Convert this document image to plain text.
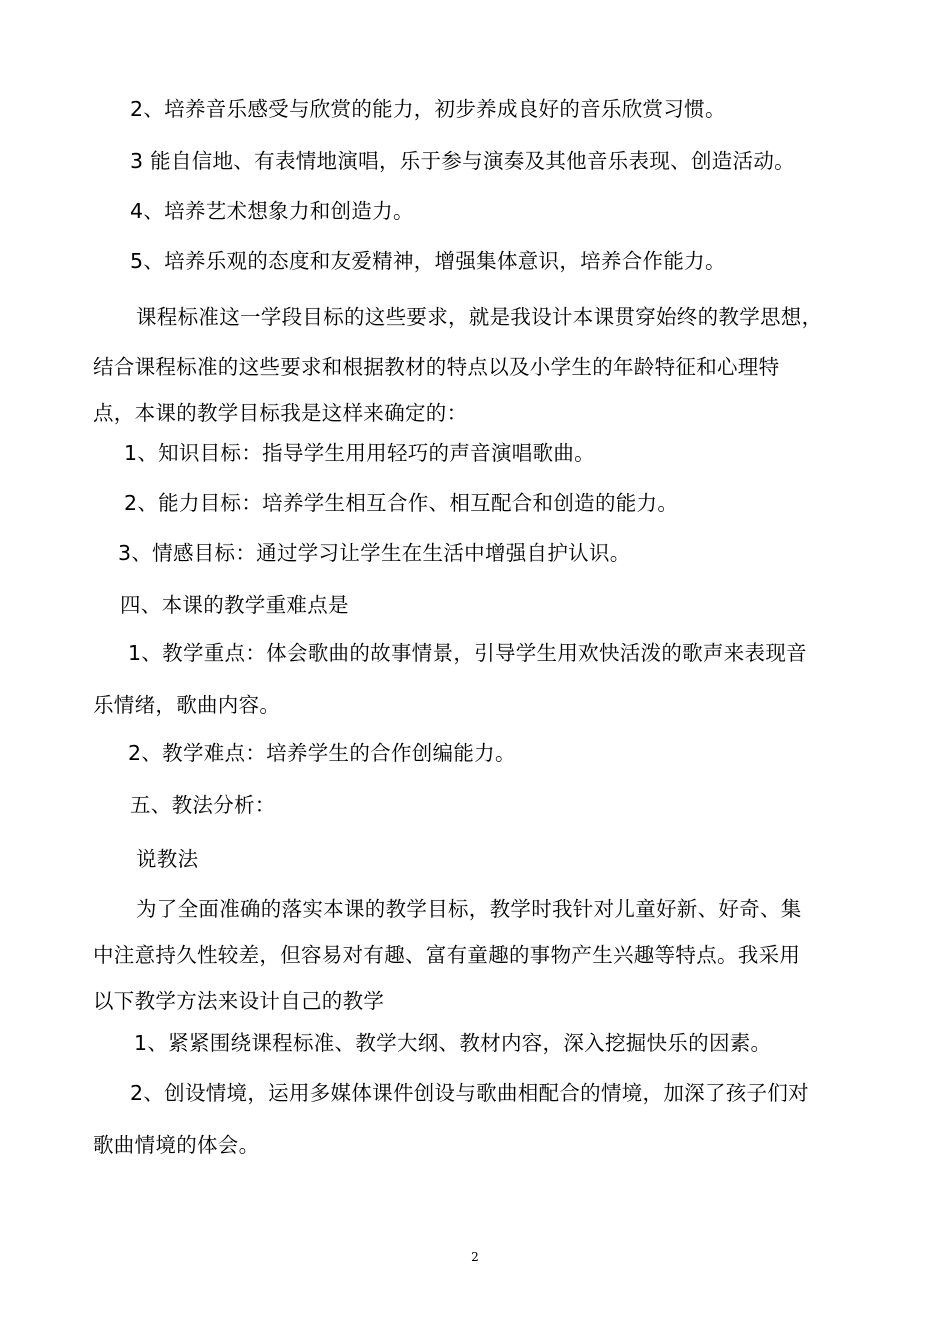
2、培养音乐感受与欣赏的能力，初步养成良好的音乐欣赏习惯。
3 能自信地、有表情地演唱，乐于参与演奏及其他音乐表现、创造活动。
4、培养艺术想象力和创造力。
5、培养乐观的态度和友爱精神，增强集体意识，培养合作能力。
课程标准这一学段目标的这些要求，就是我设计本课贯穿始终的教学思想，
结合课程标准的这些要求和根据教材的特点以及小学生的年龄特征和心理特
点，本课的教学目标我是这样来确定的：
1、知识目标：指导学生用用轻巧的声音演唱歌曲。
2、能力目标：培养学生相互合作、相互配合和创造的能力。
3、情感目标：通过学习让学生在生活中增强自护认识。
四、本课的教学重难点是
1、教学重点：体会歌曲的故事情景，引导学生用欢快活泼的歌声来表现音
乐情绪，歌曲内容。
2、教学难点：培养学生的合作创编能力。
五、教法分析：
说教法
为了全面准确的落实本课的教学目标，教学时我针对儿童好新、好奇、集
中注意持久性较差，但容易对有趣、富有童趣的事物产生兴趣等特点。我采用
以下教学方法来设计自己的教学
1、紧紧围绕课程标准、教学大纲、教材内容，深入挖掘快乐的因素。
2、创设情境，运用多媒体课件创设与歌曲相配合的情境，加深了孩子们对
歌曲情境的体会。
2
